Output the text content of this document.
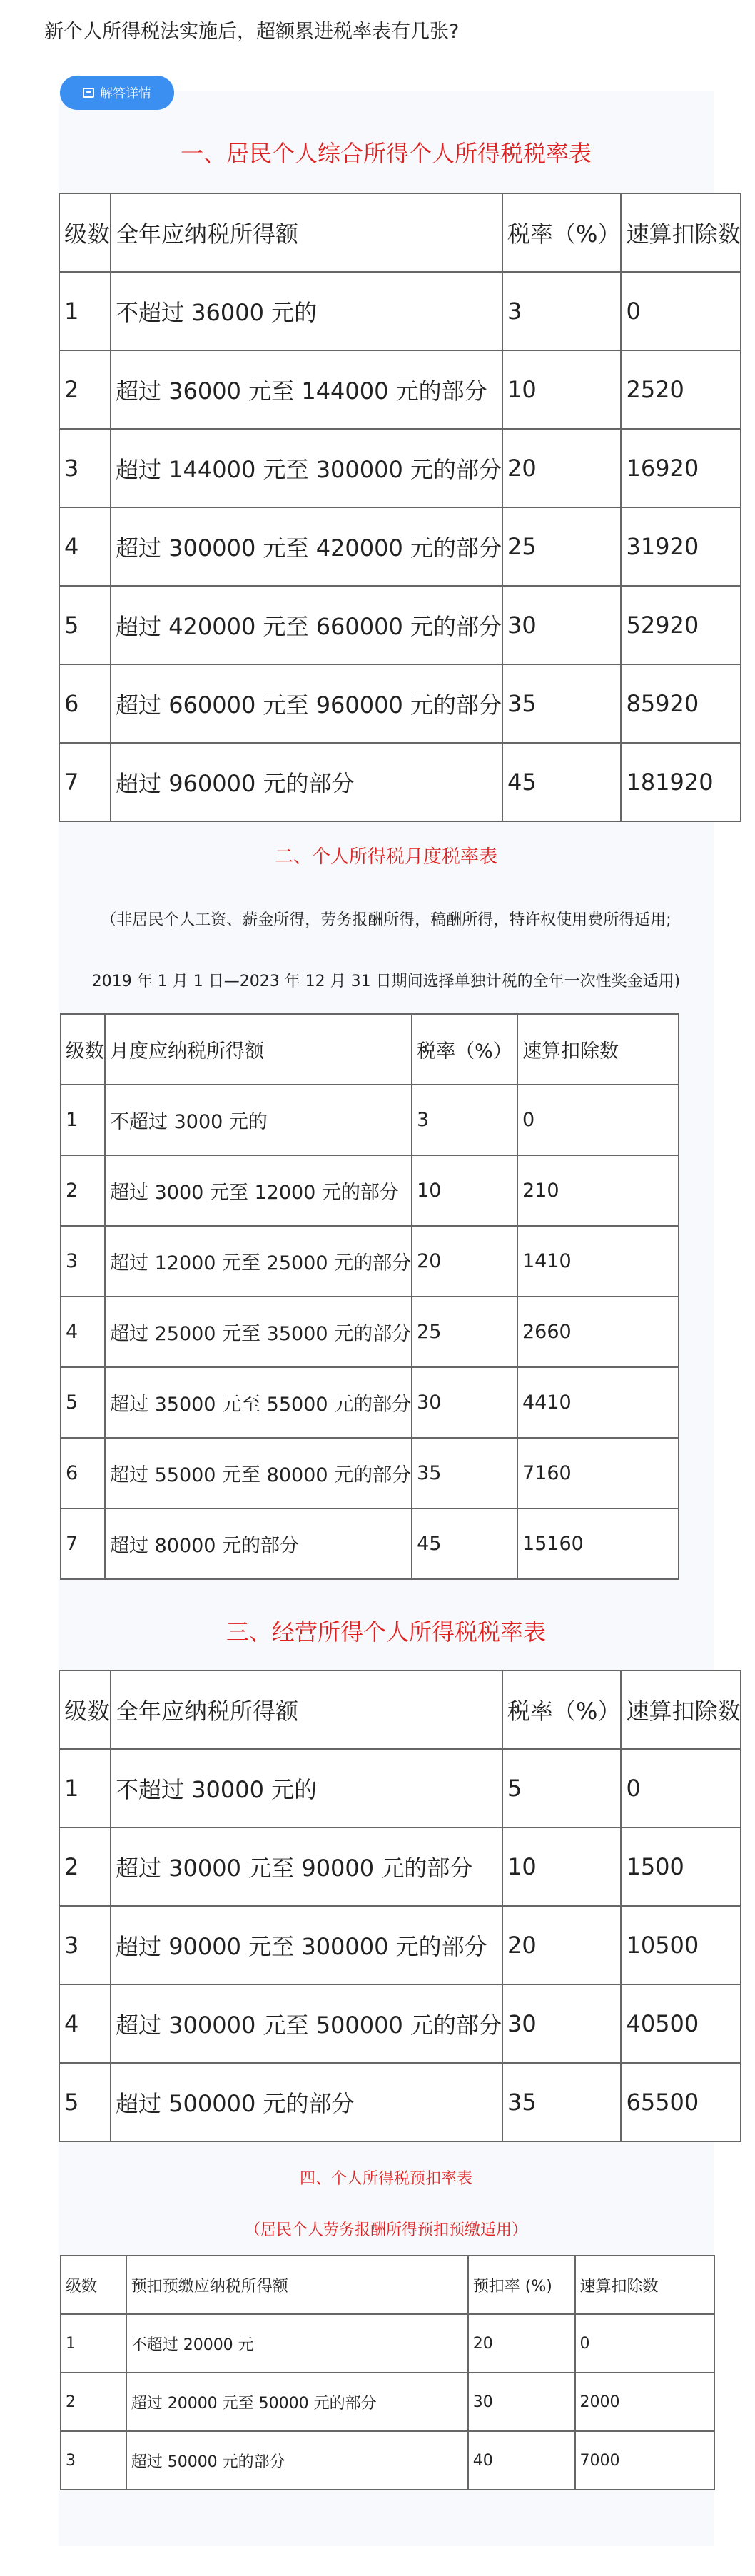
新个人所得税法实施后，超额累进税率表有几张?
解答详情
一、居民个人综合所得个人所得税税率表
级数	全年应纳税所得额	税率（%）	速算扣除数
1	不超过 36000 元的	3	0
2	超过 36000 元至 144000 元的部分	10	2520
3	超过 144000 元至 300000 元的部分	20	16920
4	超过 300000 元至 420000 元的部分	25	31920
5	超过 420000 元至 660000 元的部分	30	52920
6	超过 660000 元至 960000 元的部分	35	85920
7	超过 960000 元的部分	45	181920
二、个人所得税月度税率表
（非居民个人工资、薪金所得，劳务报酬所得，稿酬所得，特许权使用费所得适用;
2019 年 1 月 1 日—2023 年 12 月 31 日期间选择单独计税的全年一次性奖金适用)
级数	月度应纳税所得额	税率（%）	速算扣除数
1	不超过 3000 元的	3	0
2	超过 3000 元至 12000 元的部分	10	210
3	超过 12000 元至 25000 元的部分	20	1410
4	超过 25000 元至 35000 元的部分	25	2660
5	超过 35000 元至 55000 元的部分	30	4410
6	超过 55000 元至 80000 元的部分	35	7160
7	超过 80000 元的部分	45	15160
三、经营所得个人所得税税率表
级数	全年应纳税所得额	税率（%）	速算扣除数
1	不超过 30000 元的	5	0
2	超过 30000 元至 90000 元的部分	10	1500
3	超过 90000 元至 300000 元的部分	20	10500
4	超过 300000 元至 500000 元的部分	30	40500
5	超过 500000 元的部分	35	65500
四、个人所得税预扣率表
（居民个人劳务报酬所得预扣预缴适用）
级数	预扣预缴应纳税所得额	预扣率 (%)	速算扣除数
1	不超过 20000 元	20	0
2	超过 20000 元至 50000 元的部分	30	2000
3	超过 50000 元的部分	40	7000
